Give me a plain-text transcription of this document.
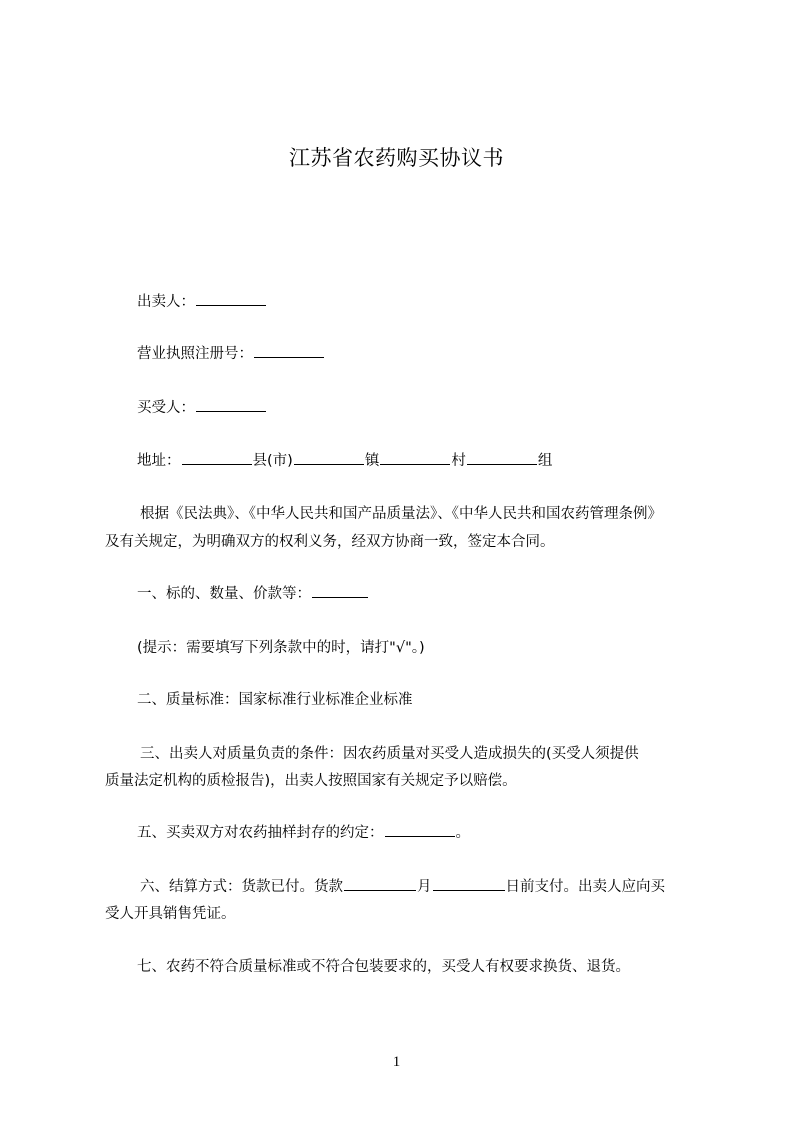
江苏省农药购买协议书
出卖人：
营业执照注册号：
买受人：
地址：	县(市)	镇	村	组
根据《民法典》、《中华人民共和国产品质量法》、《中华人民共和国农药管理条例》
及有关规定，为明确双方的权利义务，经双方协商一致，签定本合同。
一、标的、数量、价款等：
(提示：需要填写下列条款中的时，请打"√"。)
二、质量标准：国家标准行业标准企业标准
三、出卖人对质量负责的条件：因农药质量对买受人造成损失的(买受人须提供
质量法定机构的质检报告)，出卖人按照国家有关规定予以赔偿。
五、买卖双方对农药抽样封存的约定：	。
六、结算方式：货款已付。货款	月	日前支付。出卖人应向买
受人开具销售凭证。
七、农药不符合质量标准或不符合包装要求的，买受人有权要求换货、退货。
1
